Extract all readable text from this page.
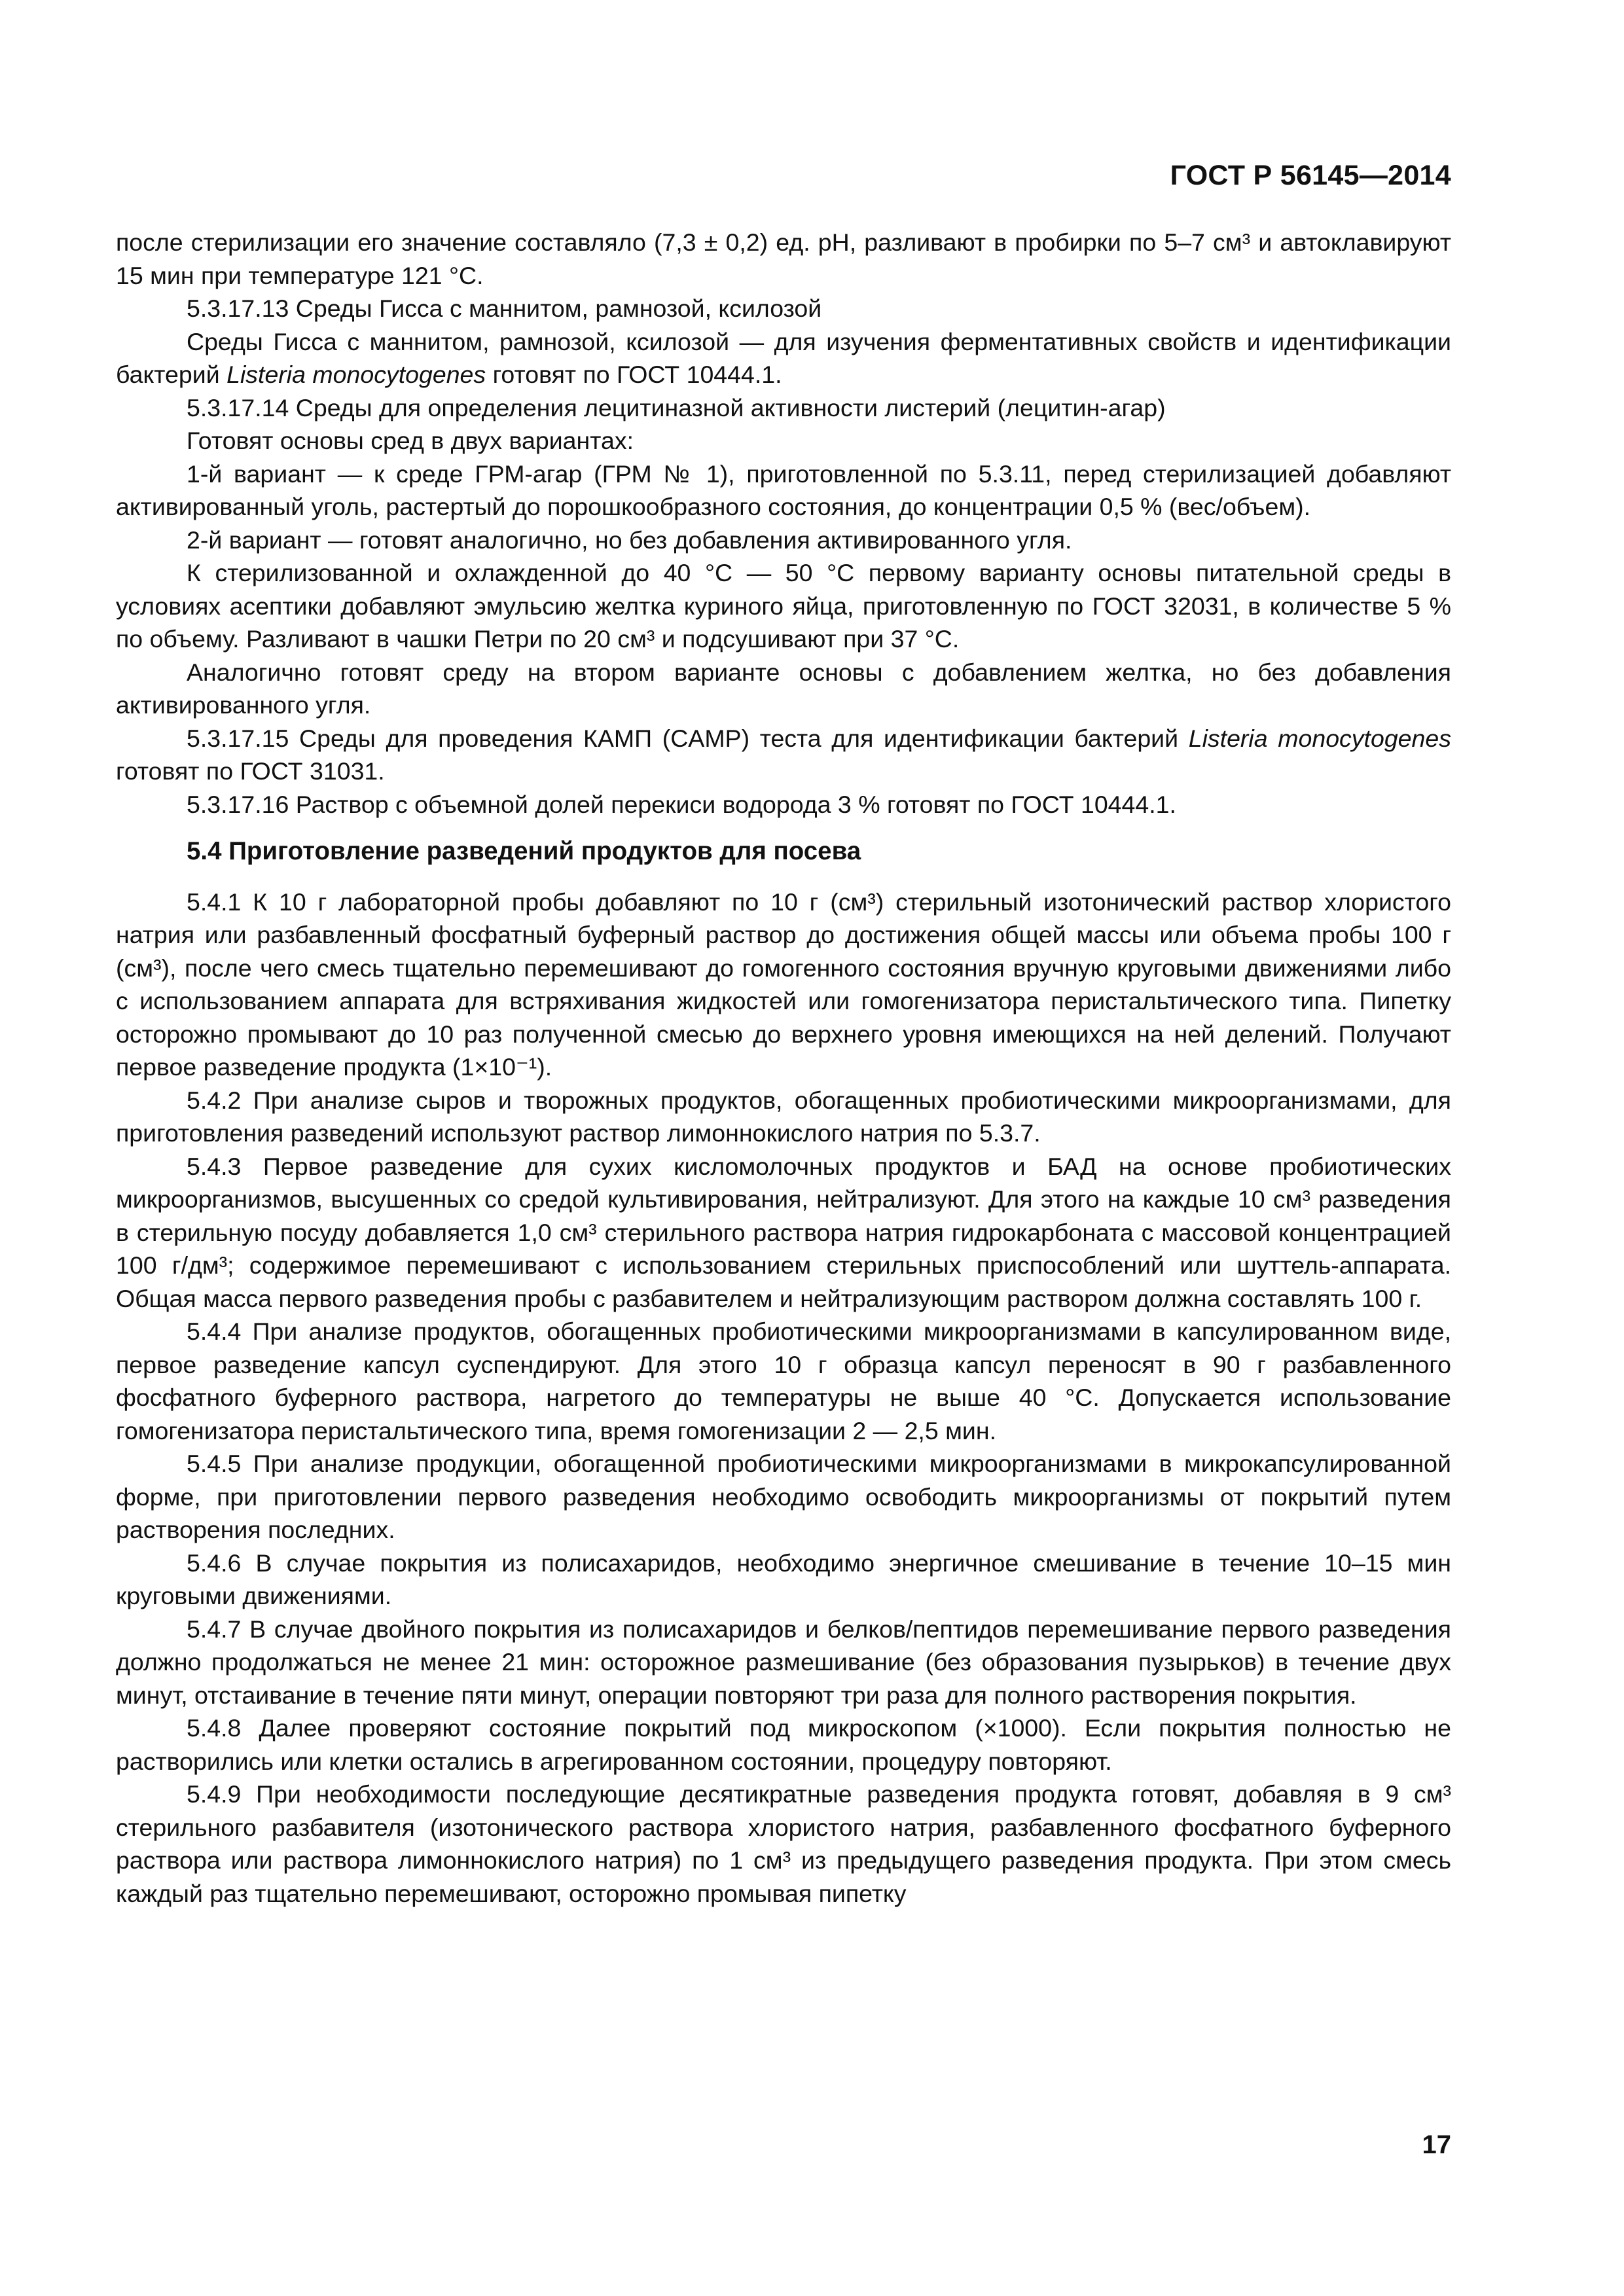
ГОСТ Р 56145—2014

после стерилизации его значение составляло (7,3 ± 0,2) ед. pH, разливают в пробирки по 5–7 см³ и автоклавируют 15 мин при температуре 121 °С.

5.3.17.13 Среды Гисса с маннитом, рамнозой, ксилозой

Среды Гисса с маннитом, рамнозой, ксилозой — для изучения ферментативных свойств и идентификации бактерий Listeria monocytogenes готовят по ГОСТ 10444.1.

5.3.17.14 Среды для определения лецитиназной активности листерий (лецитин-агар)

Готовят основы сред в двух вариантах:

1-й вариант — к среде ГРМ-агар (ГРМ № 1), приготовленной по 5.3.11, перед стерилизацией добавляют активированный уголь, растертый до порошкообразного состояния, до концентрации 0,5 % (вес/объем).

2-й вариант — готовят аналогично, но без добавления активированного угля.

К стерилизованной и охлажденной до 40 °С — 50 °С первому варианту основы питательной среды в условиях асептики добавляют эмульсию желтка куриного яйца, приготовленную по ГОСТ 32031, в количестве 5 % по объему. Разливают в чашки Петри по 20 см³ и подсушивают при 37 °С.

Аналогично готовят среду на втором варианте основы с добавлением желтка, но без добавления активированного угля.

5.3.17.15 Среды для проведения КАМП (CAMP) теста для идентификации бактерий Listeria monocytogenes готовят по ГОСТ 31031.

5.3.17.16 Раствор с объемной долей перекиси водорода 3 % готовят по ГОСТ 10444.1.

5.4 Приготовление разведений продуктов для посева

5.4.1 К 10 г лабораторной пробы добавляют по 10 г (см³) стерильный изотонический раствор хлористого натрия или разбавленный фосфатный буферный раствор до достижения общей массы или объема пробы 100 г (см³), после чего смесь тщательно перемешивают до гомогенного состояния вручную круговыми движениями либо с использованием аппарата для встряхивания жидкостей или гомогенизатора перистальтического типа. Пипетку осторожно промывают до 10 раз полученной смесью до верхнего уровня имеющихся на ней делений. Получают первое разведение продукта (1×10⁻¹).

5.4.2 При анализе сыров и творожных продуктов, обогащенных пробиотическими микроорганизмами, для приготовления разведений используют раствор лимоннокислого натрия по 5.3.7.

5.4.3 Первое разведение для сухих кисломолочных продуктов и БАД на основе пробиотических микроорганизмов, высушенных со средой культивирования, нейтрализуют. Для этого на каждые 10 см³ разведения в стерильную посуду добавляется 1,0 см³ стерильного раствора натрия гидрокарбоната с массовой концентрацией 100 г/дм³; содержимое перемешивают с использованием стерильных приспособлений или шуттель-аппарата. Общая масса первого разведения пробы с разбавителем и нейтрализующим раствором должна составлять 100 г.

5.4.4 При анализе продуктов, обогащенных пробиотическими микроорганизмами в капсулированном виде, первое разведение капсул суспендируют. Для этого 10 г образца капсул переносят в 90 г разбавленного фосфатного буферного раствора, нагретого до температуры не выше 40 °С. Допускается использование гомогенизатора перистальтического типа, время гомогенизации 2 — 2,5 мин.

5.4.5 При анализе продукции, обогащенной пробиотическими микроорганизмами в микрокапсулированной форме, при приготовлении первого разведения необходимо освободить микроорганизмы от покрытий путем растворения последних.

5.4.6 В случае покрытия из полисахаридов, необходимо энергичное смешивание в течение 10–15 мин круговыми движениями.

5.4.7 В случае двойного покрытия из полисахаридов и белков/пептидов перемешивание первого разведения должно продолжаться не менее 21 мин: осторожное размешивание (без образования пузырьков) в течение двух минут, отстаивание в течение пяти минут, операции повторяют три раза для полного растворения покрытия.

5.4.8 Далее проверяют состояние покрытий под микроскопом (×1000). Если покрытия полностью не растворились или клетки остались в агрегированном состоянии, процедуру повторяют.

5.4.9 При необходимости последующие десятикратные разведения продукта готовят, добавляя в 9 см³ стерильного разбавителя (изотонического раствора хлористого натрия, разбавленного фосфатного буферного раствора или раствора лимоннокислого натрия) по 1 см³ из предыдущего разведения продукта. При этом смесь каждый раз тщательно перемешивают, осторожно промывая пипетку

17
